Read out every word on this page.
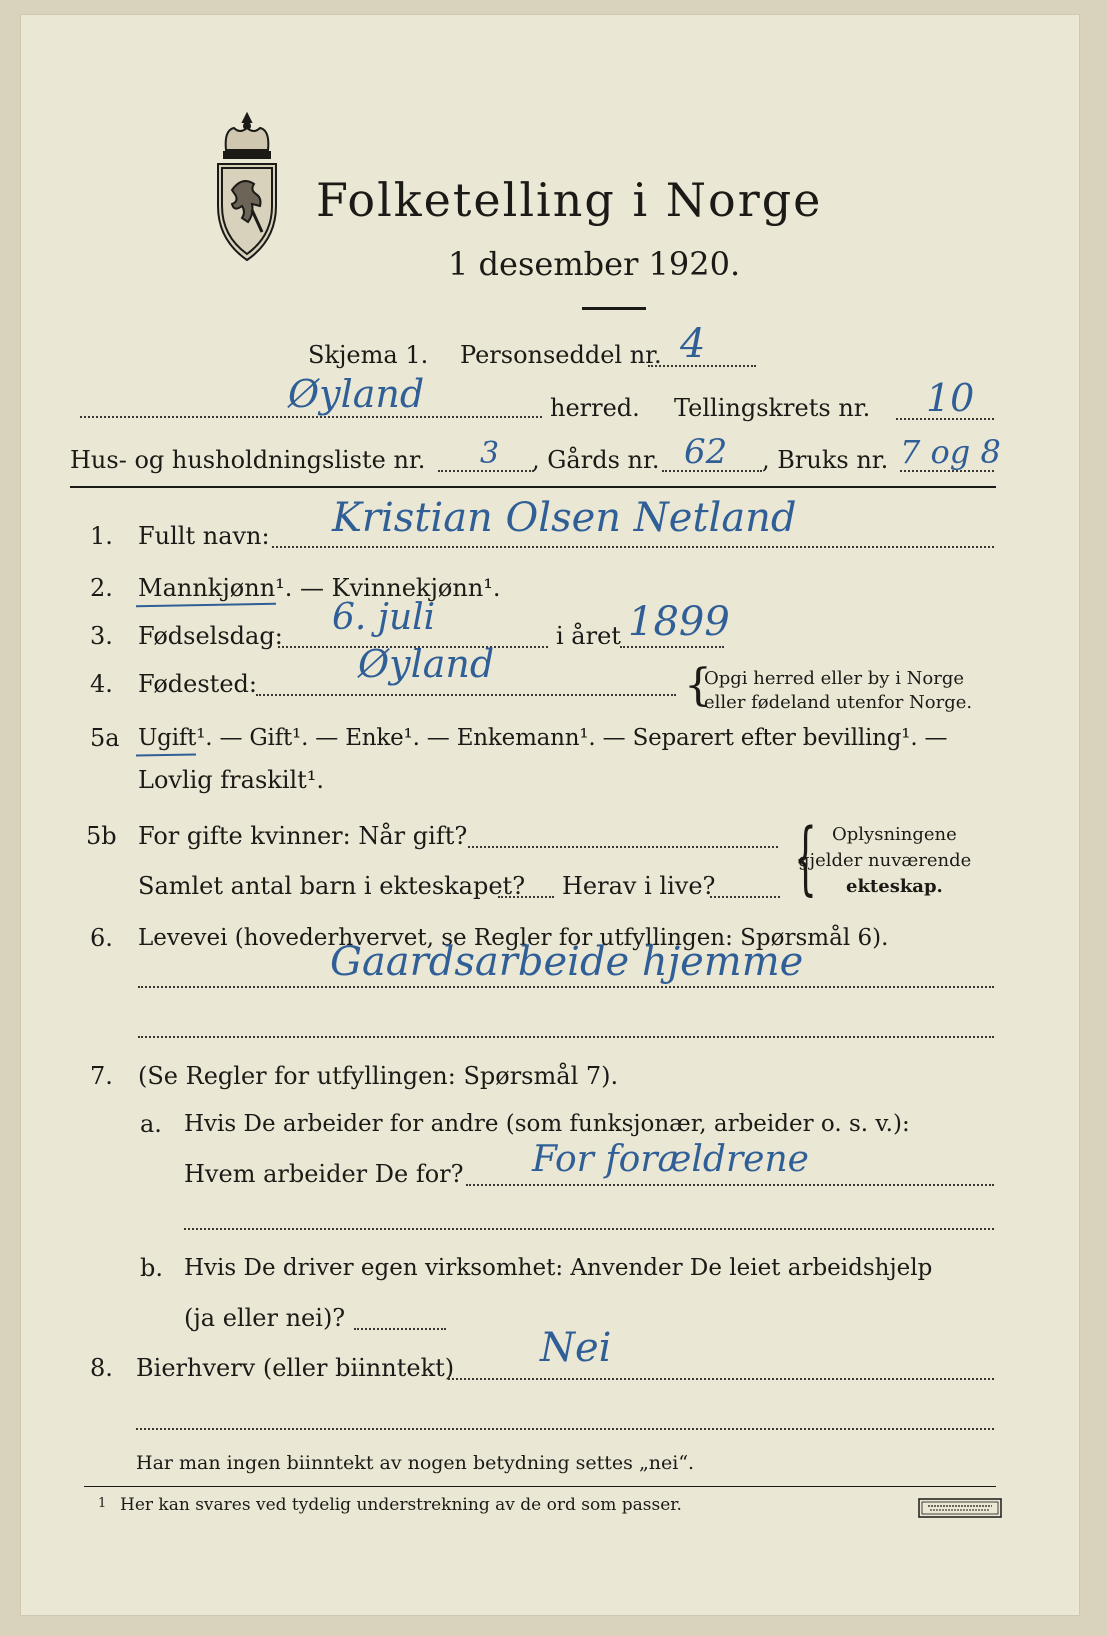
Folketelling i Norge
1 desember 1920.
Skjema 1. Personseddel nr. 4
Øyland	herred. Tellingskrets nr. 10
Hus- og husholdningsliste nr. 3 , Gårds nr. 62 , Bruks nr. 7 og 8
1. Fullt navn: Kristian Olsen Netland
2. Mannkjønn¹. — Kvinnekjønn¹.
3. Fødselsdag: 6. juli	i året 1899
4. Fødested:	Øyland	{
Opgi herred eller by i Norge
eller fødeland utenfor Norge.
5a Ugift¹. — Gift¹. — Enke¹. — Enkemann¹. — Separert efter bevilling¹. —
Lovlig fraskilt¹.
5b For gifte kvinner: Når gift?
Samlet antal barn i ekteskapet? Herav i live? { Oplysningene
gjelder nuværende
ekteskap.
6. Levevei (hovederhvervet, se Regler for utfyllingen: Spørsmål 6).
Gaardsarbeide hjemme
7. (Se Regler for utfyllingen: Spørsmål 7).
a. Hvis De arbeider for andre (som funksjonær, arbeider o. s. v.):
Hvem arbeider De for? For forældrene
b. Hvis De driver egen virksomhet: Anvender De leiet arbeidshjelp
(ja eller nei)?
8. Bierhverv (eller biinntekt) Nei
Har man ingen biinntekt av nogen betydning settes „nei“.
1 Her kan svares ved tydelig understrekning av de ord som passer.
